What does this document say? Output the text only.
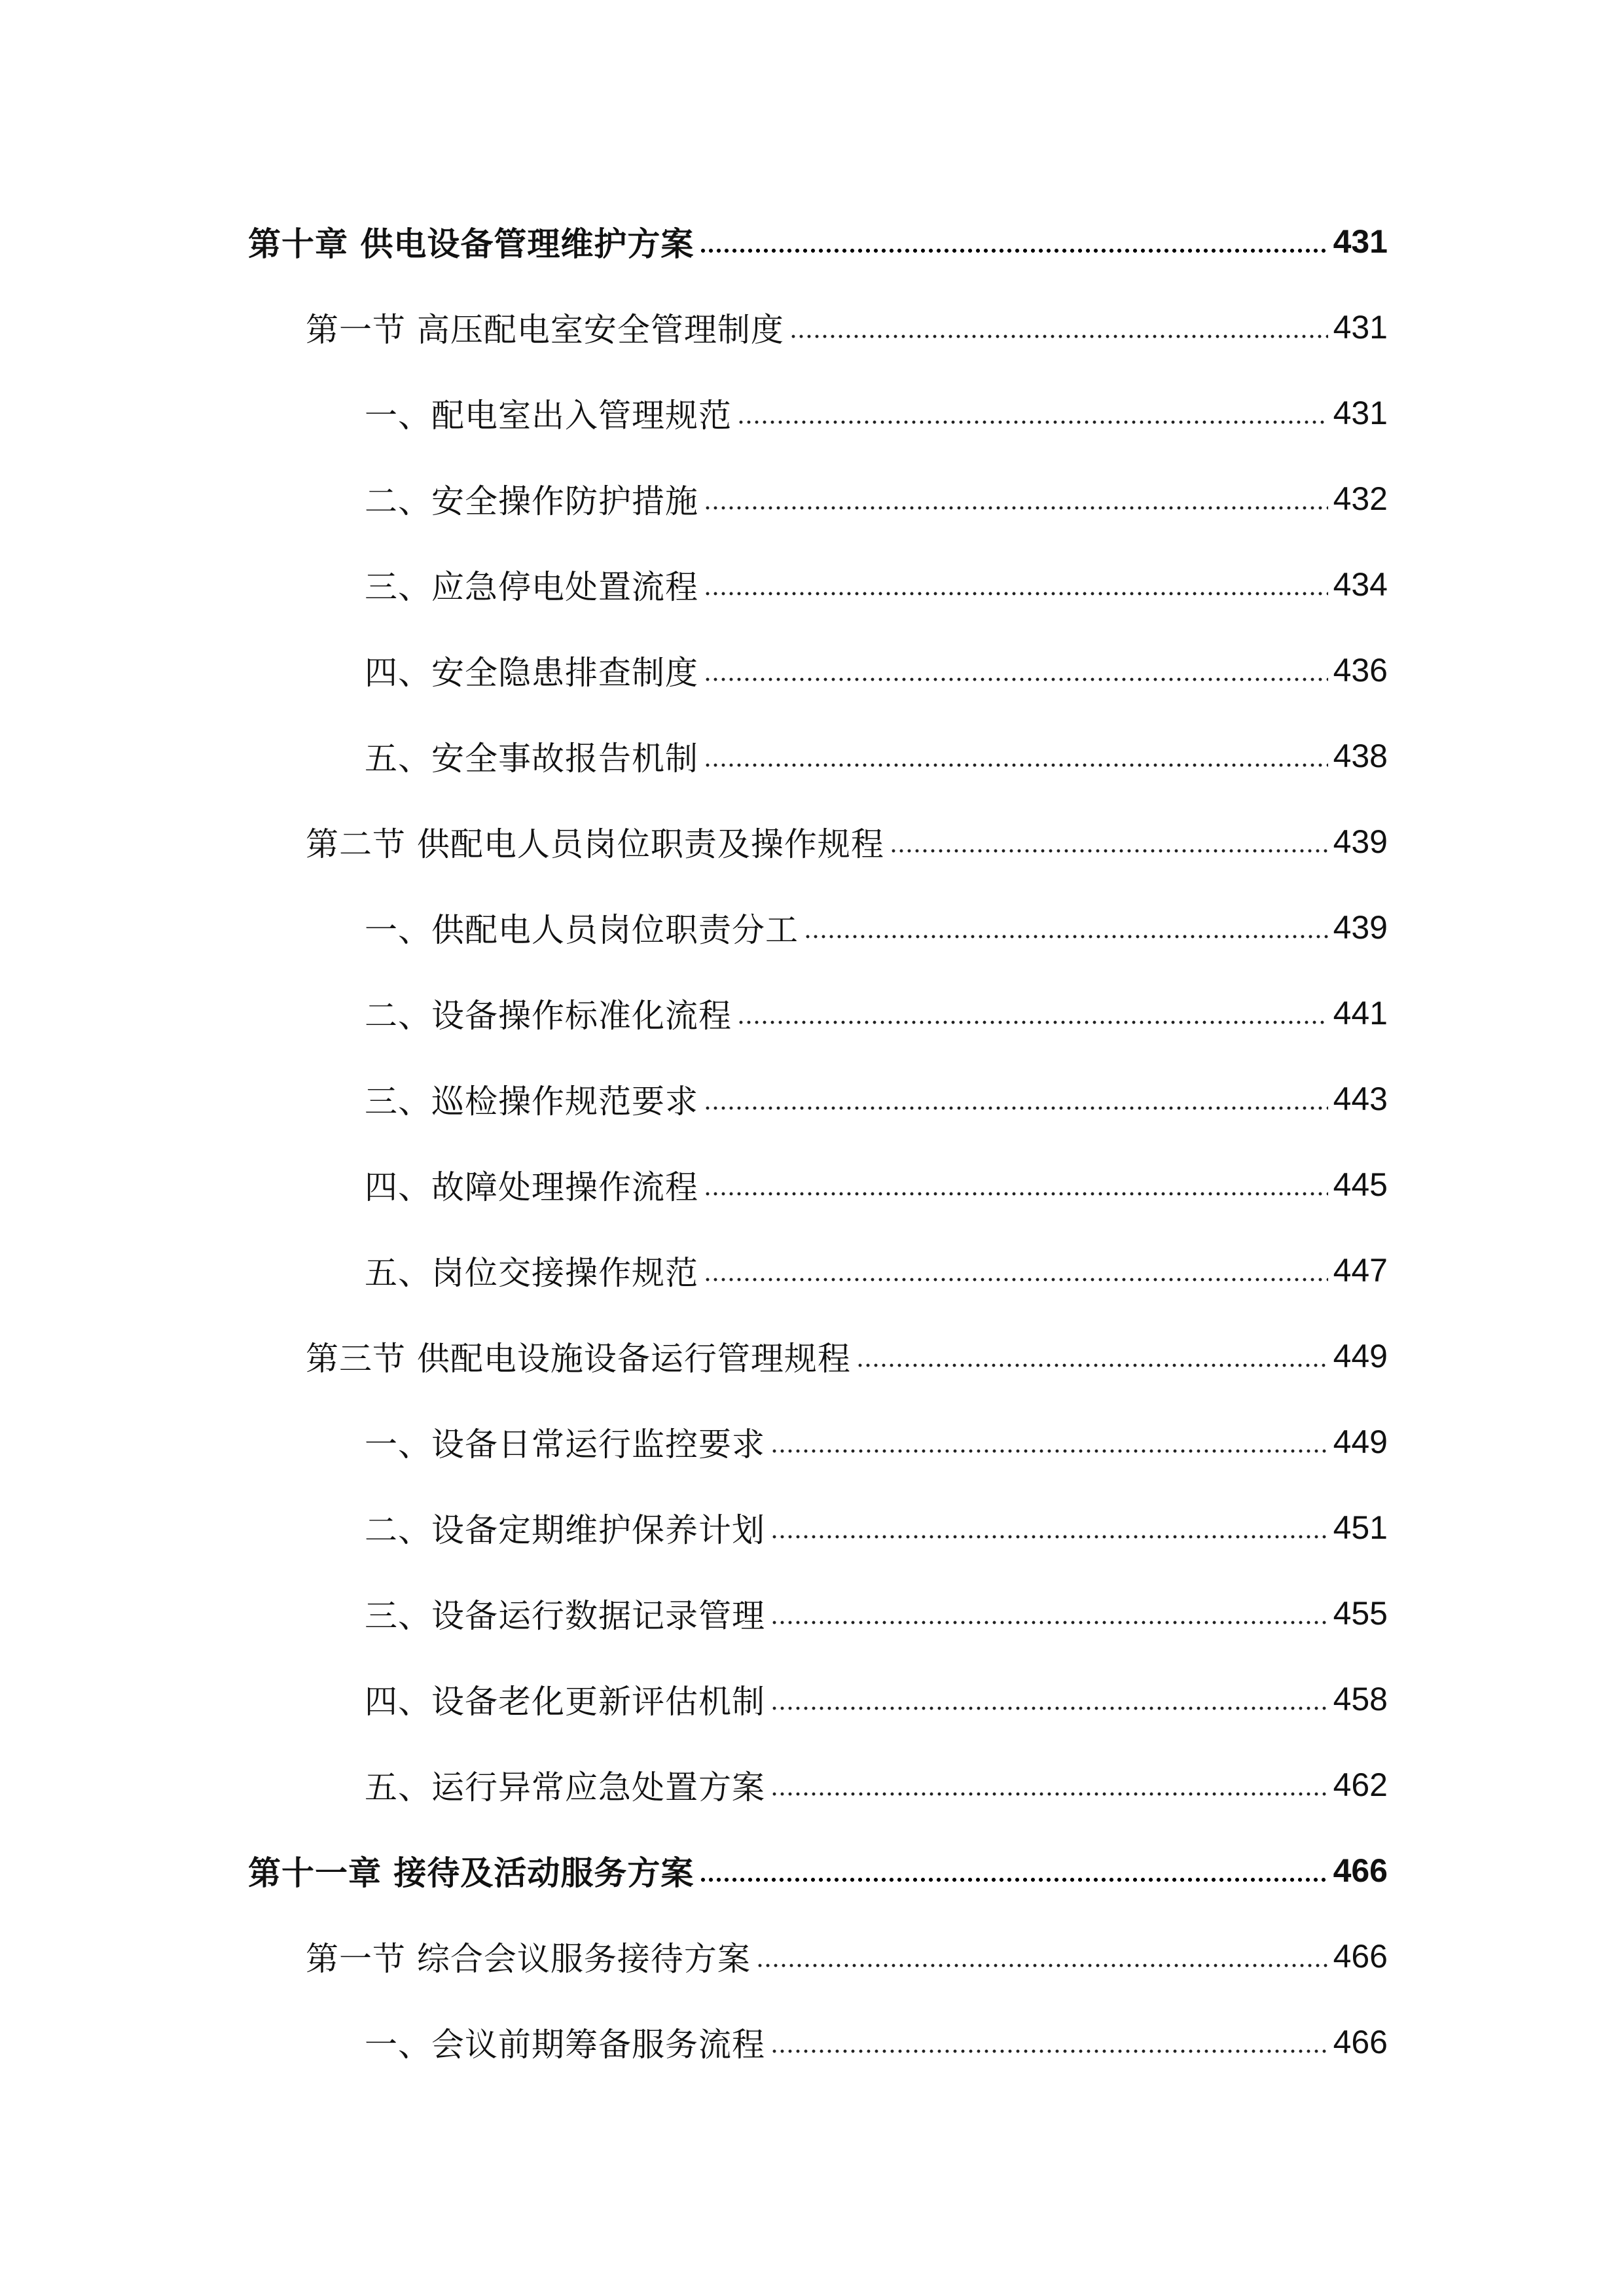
第十章 供电设备管理维护方案	431
第一节 高压配电室安全管理制度	431
一、配电室出入管理规范	431
二、安全操作防护措施	432
三、应急停电处置流程	434
四、安全隐患排查制度	436
五、安全事故报告机制	438
第二节 供配电人员岗位职责及操作规程	439
一、供配电人员岗位职责分工	439
二、设备操作标准化流程	441
三、巡检操作规范要求	443
四、故障处理操作流程	445
五、岗位交接操作规范	447
第三节 供配电设施设备运行管理规程	449
一、设备日常运行监控要求	449
二、设备定期维护保养计划	451
三、设备运行数据记录管理	455
四、设备老化更新评估机制	458
五、运行异常应急处置方案	462
第十一章 接待及活动服务方案	466
第一节 综合会议服务接待方案	466
一、会议前期筹备服务流程	466
